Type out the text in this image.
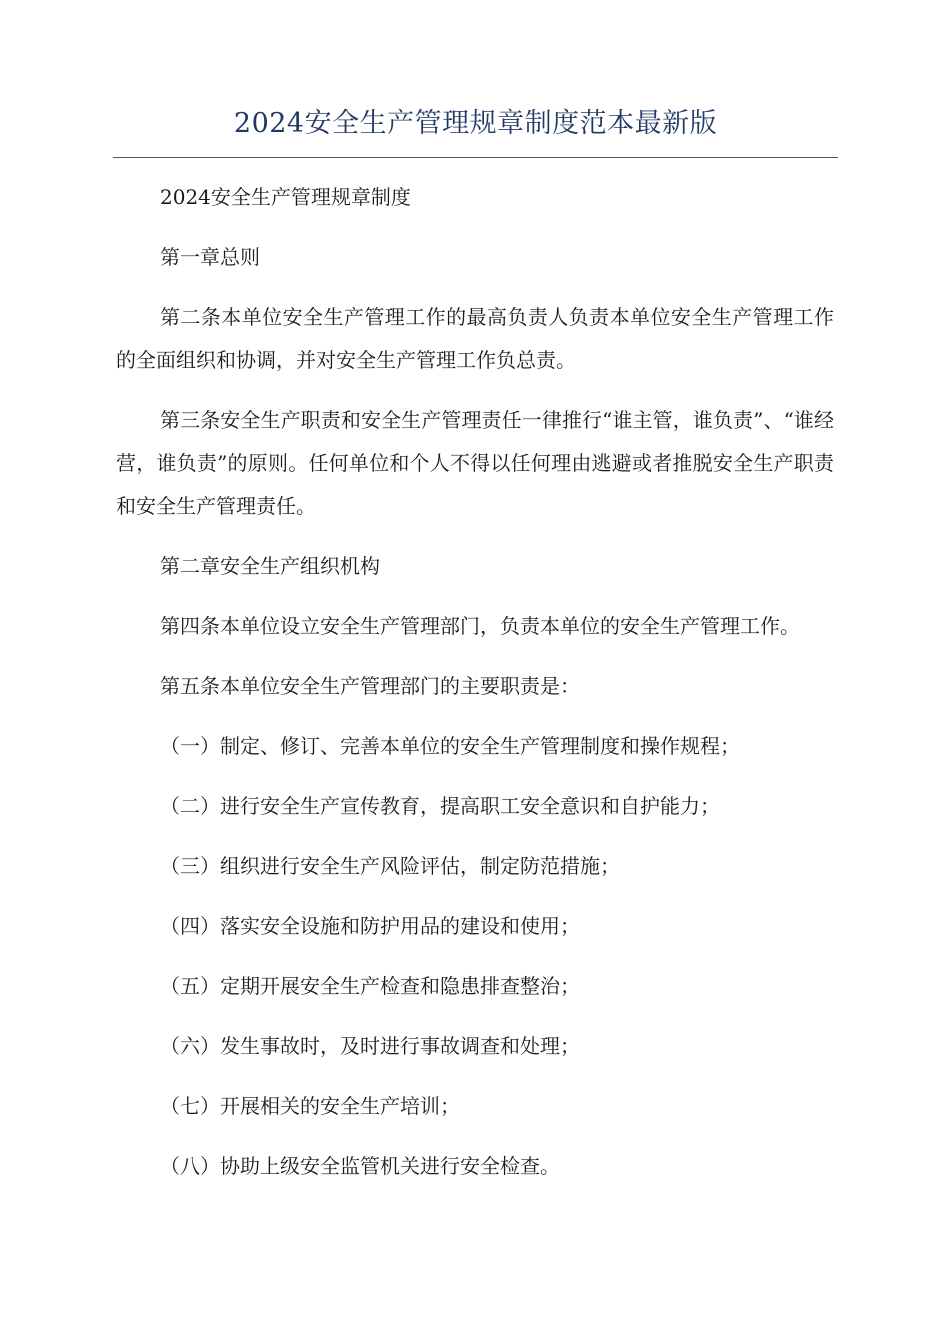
2024安全生产管理规章制度范本最新版

2024安全生产管理规章制度

第一章总则

第二条本单位安全生产管理工作的最高负责人负责本单位安全生产管理工作的全面组织和协调，并对安全生产管理工作负总责。

第三条安全生产职责和安全生产管理责任一律推行“谁主管，谁负责”、“谁经营，谁负责”的原则。任何单位和个人不得以任何理由逃避或者推脱安全生产职责和安全生产管理责任。

第二章安全生产组织机构

第四条本单位设立安全生产管理部门，负责本单位的安全生产管理工作。

第五条本单位安全生产管理部门的主要职责是：

（一）制定、修订、完善本单位的安全生产管理制度和操作规程；

（二）进行安全生产宣传教育，提高职工安全意识和自护能力；

（三）组织进行安全生产风险评估，制定防范措施；

（四）落实安全设施和防护用品的建设和使用；

（五）定期开展安全生产检查和隐患排查整治；

（六）发生事故时，及时进行事故调查和处理；

（七）开展相关的安全生产培训；

（八）协助上级安全监管机关进行安全检查。
